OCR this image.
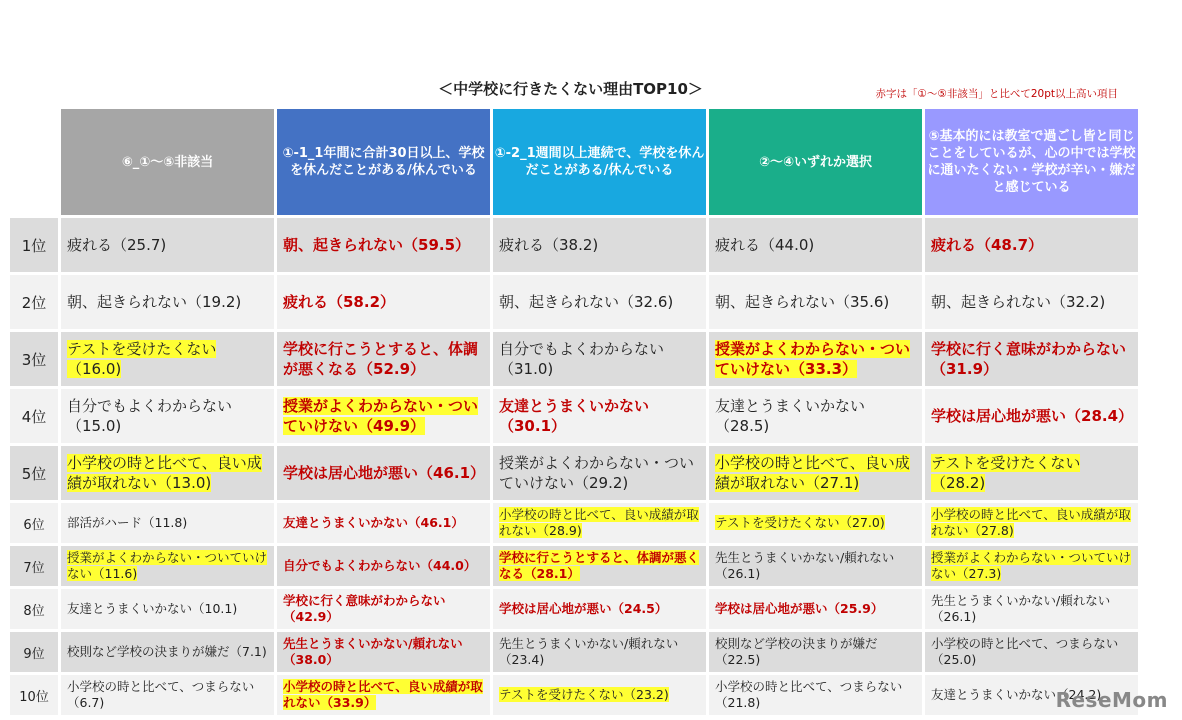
＜中学校に行きたくない理由TOP10＞	赤字は「①～⑤非該当」と比べて20pt以上高い項目
	⑥_①～⑤非該当	①-1_1年間に合計30日以上、学校を休んだことがある/休んでいる	①-2_1週間以上連続で、学校を休んだことがある/休んでいる	②～④いずれか選択	⑤基本的には教室で過ごし皆と同じことをしているが、心の中では学校に通いたくない・学校が辛い・嫌だと感じている
1位	疲れる（25.7)	朝、起きられない（59.5）	疲れる（38.2)	疲れる（44.0)	疲れる（48.7）
2位	朝、起きられない（19.2)	疲れる（58.2）	朝、起きられない（32.6)	朝、起きられない（35.6)	朝、起きられない（32.2)
3位	テストを受けたくない（16.0)	学校に行こうとすると、体調が悪くなる（52.9）	自分でもよくわからない（31.0)	授業がよくわからない・ついていけない（33.3）	学校に行く意味がわからない（31.9）
4位	自分でもよくわからない（15.0)	授業がよくわからない・ついていけない（49.9）	友達とうまくいかない（30.1）	友達とうまくいかない（28.5)	学校は居心地が悪い（28.4）
5位	小学校の時と比べて、良い成績が取れない（13.0)	学校は居心地が悪い（46.1）	授業がよくわからない・ついていけない（29.2)	小学校の時と比べて、良い成績が取れない（27.1)	テストを受けたくない（28.2)
6位	部活がハード（11.8)	友達とうまくいかない（46.1）	小学校の時と比べて、良い成績が取れない（28.9)	テストを受けたくない（27.0)	小学校の時と比べて、良い成績が取れない（27.8)
7位	授業がよくわからない・ついていけない（11.6)	自分でもよくわからない（44.0）	学校に行こうとすると、体調が悪くなる（28.1）	先生とうまくいかない/頼れない（26.1)	授業がよくわからない・ついていけない（27.3)
8位	友達とうまくいかない（10.1)	学校に行く意味がわからない（42.9）	学校は居心地が悪い（24.5）	学校は居心地が悪い（25.9）	先生とうまくいかない/頼れない（26.1)
9位	校則など学校の決まりが嫌だ（7.1)	先生とうまくいかない/頼れない（38.0）	先生とうまくいかない/頼れない（23.4)	校則など学校の決まりが嫌だ（22.5)	小学校の時と比べて、つまらない（25.0)
10位	小学校の時と比べて、つまらない（6.7)	小学校の時と比べて、良い成績が取れない（33.9）	テストを受けたくない（23.2)	小学校の時と比べて、つまらない（21.8)	友達とうまくいかない（24.2)
ReseMom
